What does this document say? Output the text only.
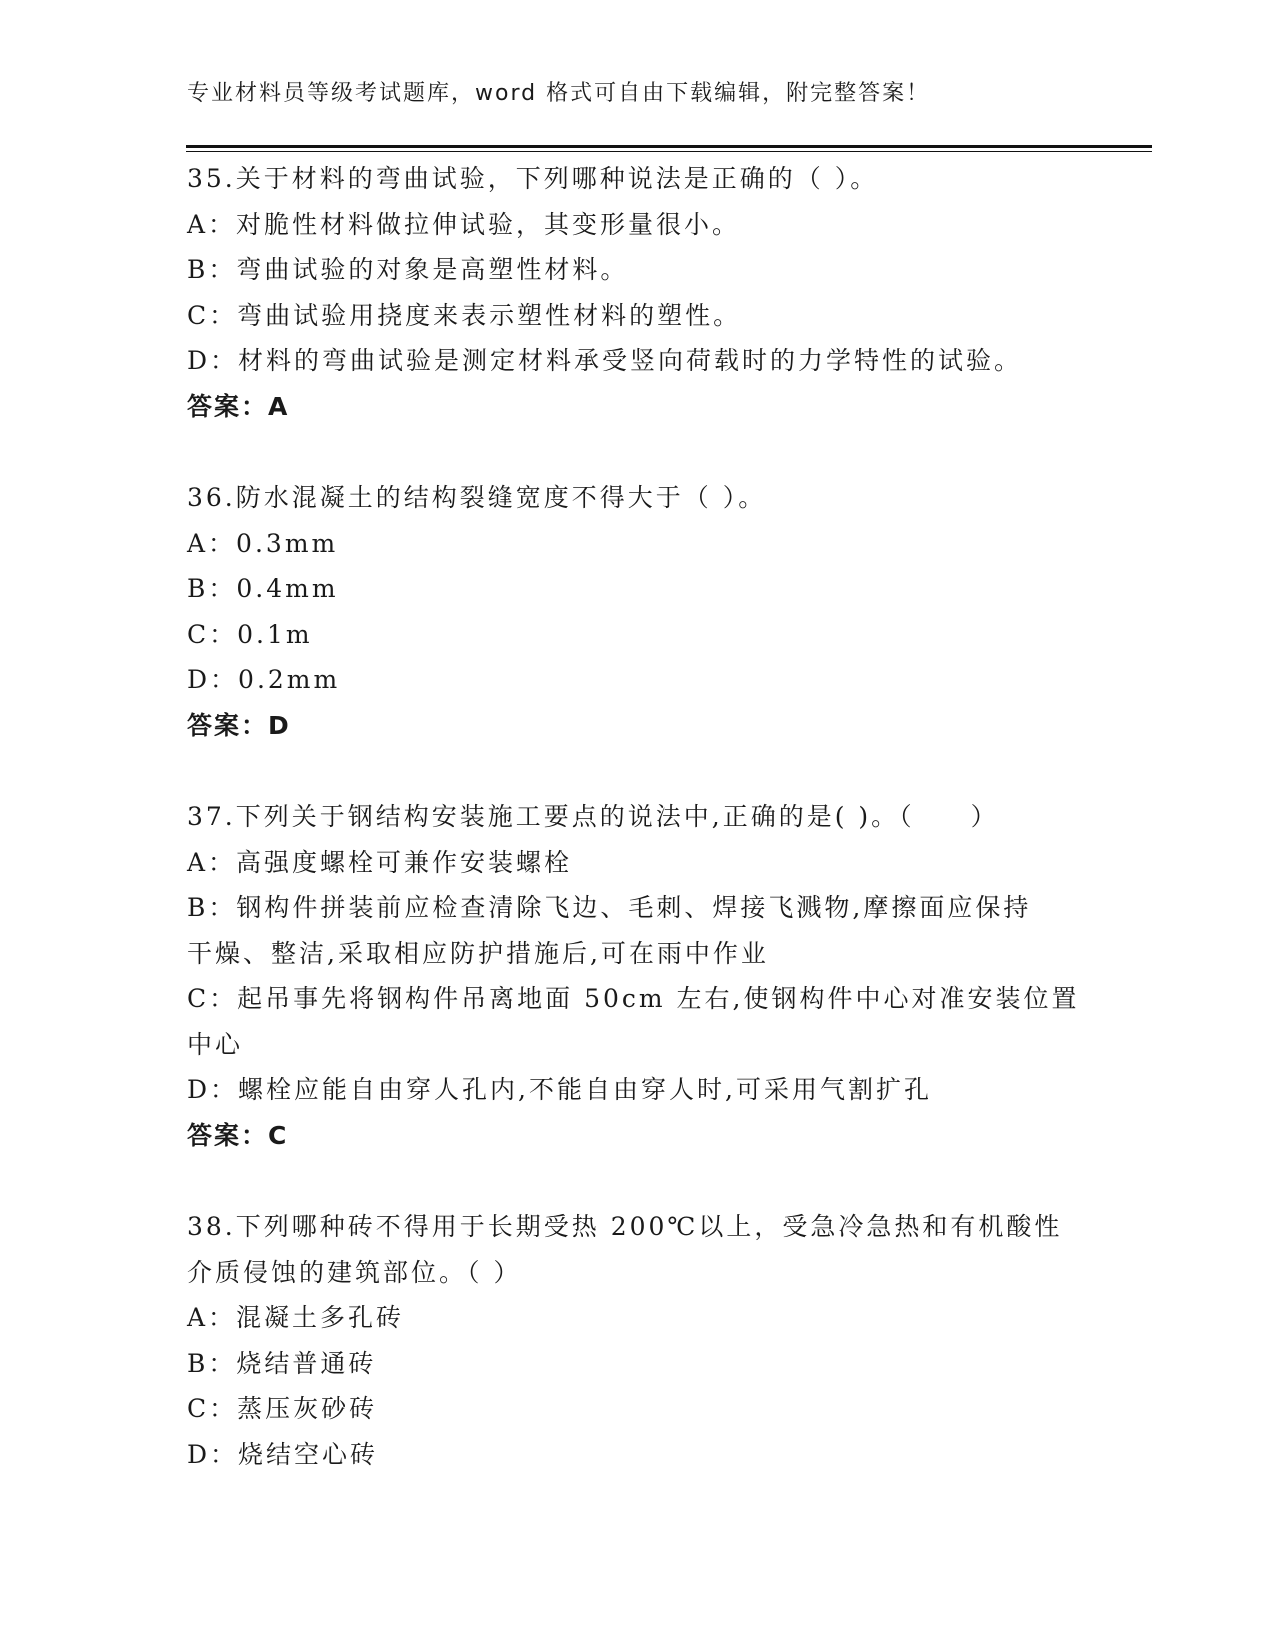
专业材料员等级考试题库，word 格式可自由下载编辑，附完整答案！
35.关于材料的弯曲试验，下列哪种说法是正确的（ ）。
A：对脆性材料做拉伸试验，其变形量很小。
B：弯曲试验的对象是高塑性材料。
C：弯曲试验用挠度来表示塑性材料的塑性。
D：材料的弯曲试验是测定材料承受竖向荷载时的力学特性的试验。
答案：A
36.防水混凝土的结构裂缝宽度不得大于（ ）。
A：0.3mm
B：0.4mm
C：0.1m
D：0.2mm
答案：D
37.下列关于钢结构安装施工要点的说法中,正确的是( )。（　　）
A：高强度螺栓可兼作安装螺栓
B：钢构件拼装前应检查清除飞边、毛刺、焊接飞溅物,摩擦面应保持
干燥、整洁,采取相应防护措施后,可在雨中作业
C：起吊事先将钢构件吊离地面 50cm 左右,使钢构件中心对准安装位置
中心
D：螺栓应能自由穿人孔内,不能自由穿人时,可采用气割扩孔
答案：C
38.下列哪种砖不得用于长期受热 200℃以上，受急冷急热和有机酸性
介质侵蚀的建筑部位。（ ）
A：混凝土多孔砖
B：烧结普通砖
C：蒸压灰砂砖
D：烧结空心砖
